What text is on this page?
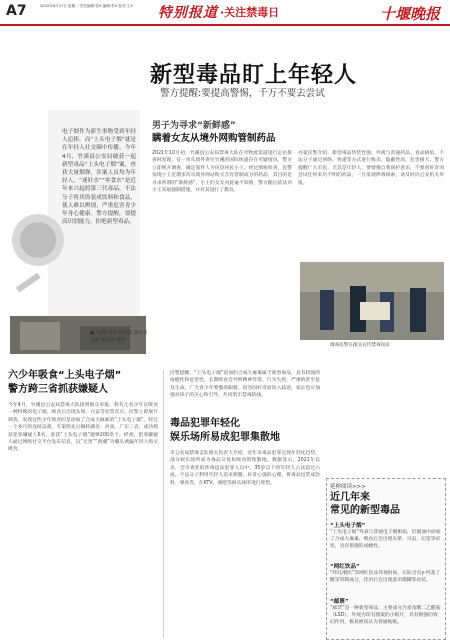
A7	2022年6月27日 星期一 责任编辑:张X 编辑:李X 校对:王X	特别报道 ·关注禁毒日	十堰晚报
新型毒品盯上年轻人
警方提醒:要提高警惕，千万不要去尝试
电子烟作为新生事物受到年轻人追捧，而“上头电子烟”就是在年轻人社交圈中传播。今年4月，竹溪县公安局破获一起新型毒品“上头电子烟”案，查获大量烟弹，涉案人员均为年轻人。“迷奸水”“零食水”是近年来兴起的第三代毒品，不法分子将其伪装成饮料和食品，使人难以辨别，严重危害青少年身心健康。警方提醒，要提高识别能力，拒绝新型毒品。
男子为寻求“新鲜感”
瞒着女友从境外网购管制药品
2021年10月初，竹溪县公安局禁毒大队在对物流渠道进行走访排查时发现，有一单从境外寄往竹溪的国际快递存在可疑情况。警方立即展开调查，确定收件人为该县居民小王。经过缜密侦查，民警发现小王近期多次从境外网站购买含有管制成分的药品，其目的是寻求所谓的“新鲜感”。小王的女友对此毫不知情，警方随后依法对小王采取强制措施，并对其进行了教育。
办案民警介绍，新型毒品伪装性强，外观与普通药品、食品相似，不法分子通过网络、快递等方式进行贩卖，隐蔽性高，危害极大。警方提醒广大市民，尤其是年轻人，要增强自我保护意识，不要因好奇而尝试任何来历不明的药品，一旦发现涉毒线索，请及时向公安机关举报。
缉毒民警在街头宣传禁毒知识
■ 文/图 记者 杨建波 通讯员 孙刚 潘成涛 唐明
六少年吸食“上头电子烟”
警方跨三省抓获嫌疑人
今年4月，竹溪县公安局禁毒大队接到群众举报，称有几名少年在吸食一种特殊的电子烟，吸食后出现头晕、兴奋等异常反应。民警立即展开调查，发现这些少年吸食的是添加了合成大麻素的“上头电子烟”。经过一个多月的连续奋战，专案组先后辗转湖北、河南、广东三省，成功抓获犯罪嫌疑人6名，查获“上头电子烟”烟弹200余个。经查，犯罪嫌疑人通过网络社交平台发布信息，以“无害”“新潮”为噱头诱骗年轻人购买吸食。
毒品犯罪年轻化
娱乐场所易成犯罪集散地
市公安局禁毒支队相关负责人介绍，近年来毒品犯罪呈现年轻化趋势，部分娱乐场所成为毒品交易和吸食的集散地。数据显示，2021年以来，全市查处的涉毒违法犯罪人员中，35岁以下的年轻人占比超过六成。不法分子利用年轻人追求刺激、好奇心强的心理，将毒品包装成饮料、零食等，在KTV、酒吧等娱乐场所进行兜售。
民警提醒，“上头电子烟”添加的合成大麻素属于新型毒品，具有较强的成瘾性和危害性，长期吸食会导致精神异常、行为失控，严重的甚至危及生命。广大青少年要擦亮眼睛，切勿因好奇而误入歧途，家长也应加强对孩子的关心和引导，共同筑牢禁毒防线。
延伸阅读>>>
近几年来
常见的新型毒品
“上头电子烟”
“上头电子烟”外表与普通电子烟相似，但烟油中添加了合成大麻素，吸食后会出现头晕、兴奋、幻觉等症状，具有很强的成瘾性。
“网红饮品”
“咔哇潮饮”等网红饮品外观时尚，实际含有γ-羟基丁酸等管制成分，饮用后会出现意识模糊等症状。
“邮票”
“邮票”是一种新型毒品，主要成分为麦角酸二乙酰胺（LSD），外观为印有图案的小纸片，具有极强的致幻作用，极易被误认为普通贴纸。
